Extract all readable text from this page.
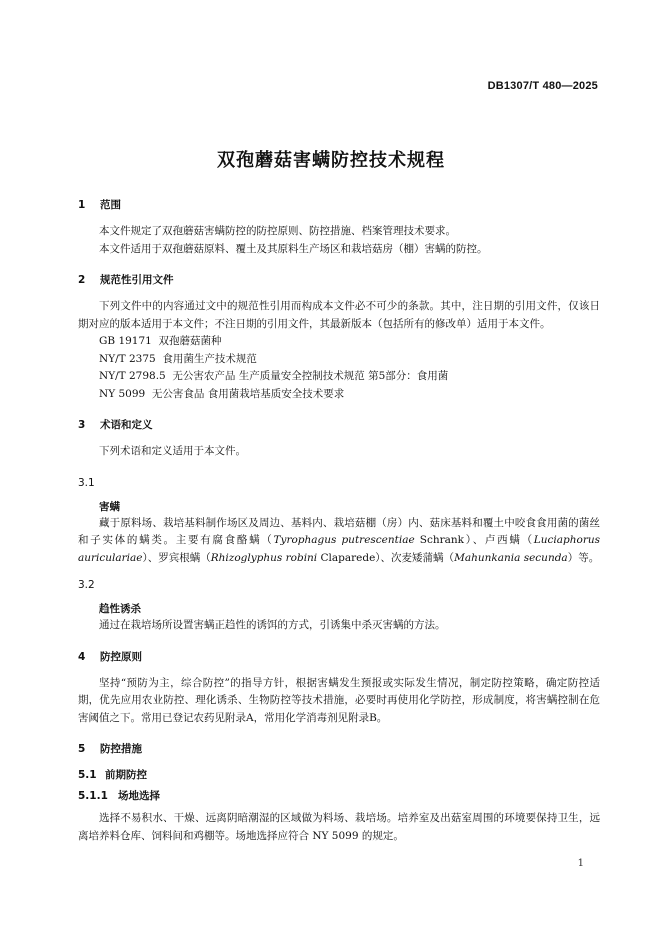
DB1307/T 480—2025
双孢蘑菇害螨防控技术规程
1	范围

本文件规定了双孢蘑菇害螨防控的防控原则、防控措施、档案管理技术要求。

本文件适用于双孢蘑菇原料、覆土及其原料生产场区和栽培菇房（棚）害螨的防控。

2	规范性引用文件

下列文件中的内容通过文中的规范性引用而构成本文件必不可少的条款。其中，注日期的引用文件，仅该日期对应的版本适用于本文件；不注日期的引用文件，其最新版本（包括所有的修改单）适用于本文件。

GB 19171  双孢蘑菇菌种

NY/T 2375  食用菌生产技术规范

NY/T 2798.5  无公害农产品 生产质量安全控制技术规范 第5部分：食用菌

NY 5099  无公害食品 食用菌栽培基质安全技术要求

3	术语和定义

下列术语和定义适用于本文件。

3.1

害螨

藏于原料场、栽培基料制作场区及周边、基料内、栽培菇棚（房）内、菇床基料和覆土中咬食食用菌的菌丝和子实体的螨类。主要有腐食酪螨（Tyrophagus putrescentiae Schrank）、卢西螨（Luciaphorus auriculariae）、罗宾根螨（Rhizoglyphus robini Claparede）、次麦矮蒲螨（Mahunkania secunda）等。

3.2

趋性诱杀

通过在栽培场所设置害螨正趋性的诱饵的方式，引诱集中杀灭害螨的方法。

4	防控原则

坚持“预防为主，综合防控”的指导方针，根据害螨发生预报或实际发生情况，制定防控策略，确定防控适期，优先应用农业防控、理化诱杀、生物防控等技术措施，必要时再使用化学防控，形成制度，将害螨控制在危害阈值之下。常用已登记农药见附录A，常用化学消毒剂见附录B。

5	防控措施
5.1 前期防控
5.1.1 场地选择

选择不易积水、干燥、远离阴暗潮湿的区域做为料场、栽培场。培养室及出菇室周围的环境要保持卫生，远离培养料仓库、饲料间和鸡棚等。场地选择应符合 NY 5099 的规定。

1
